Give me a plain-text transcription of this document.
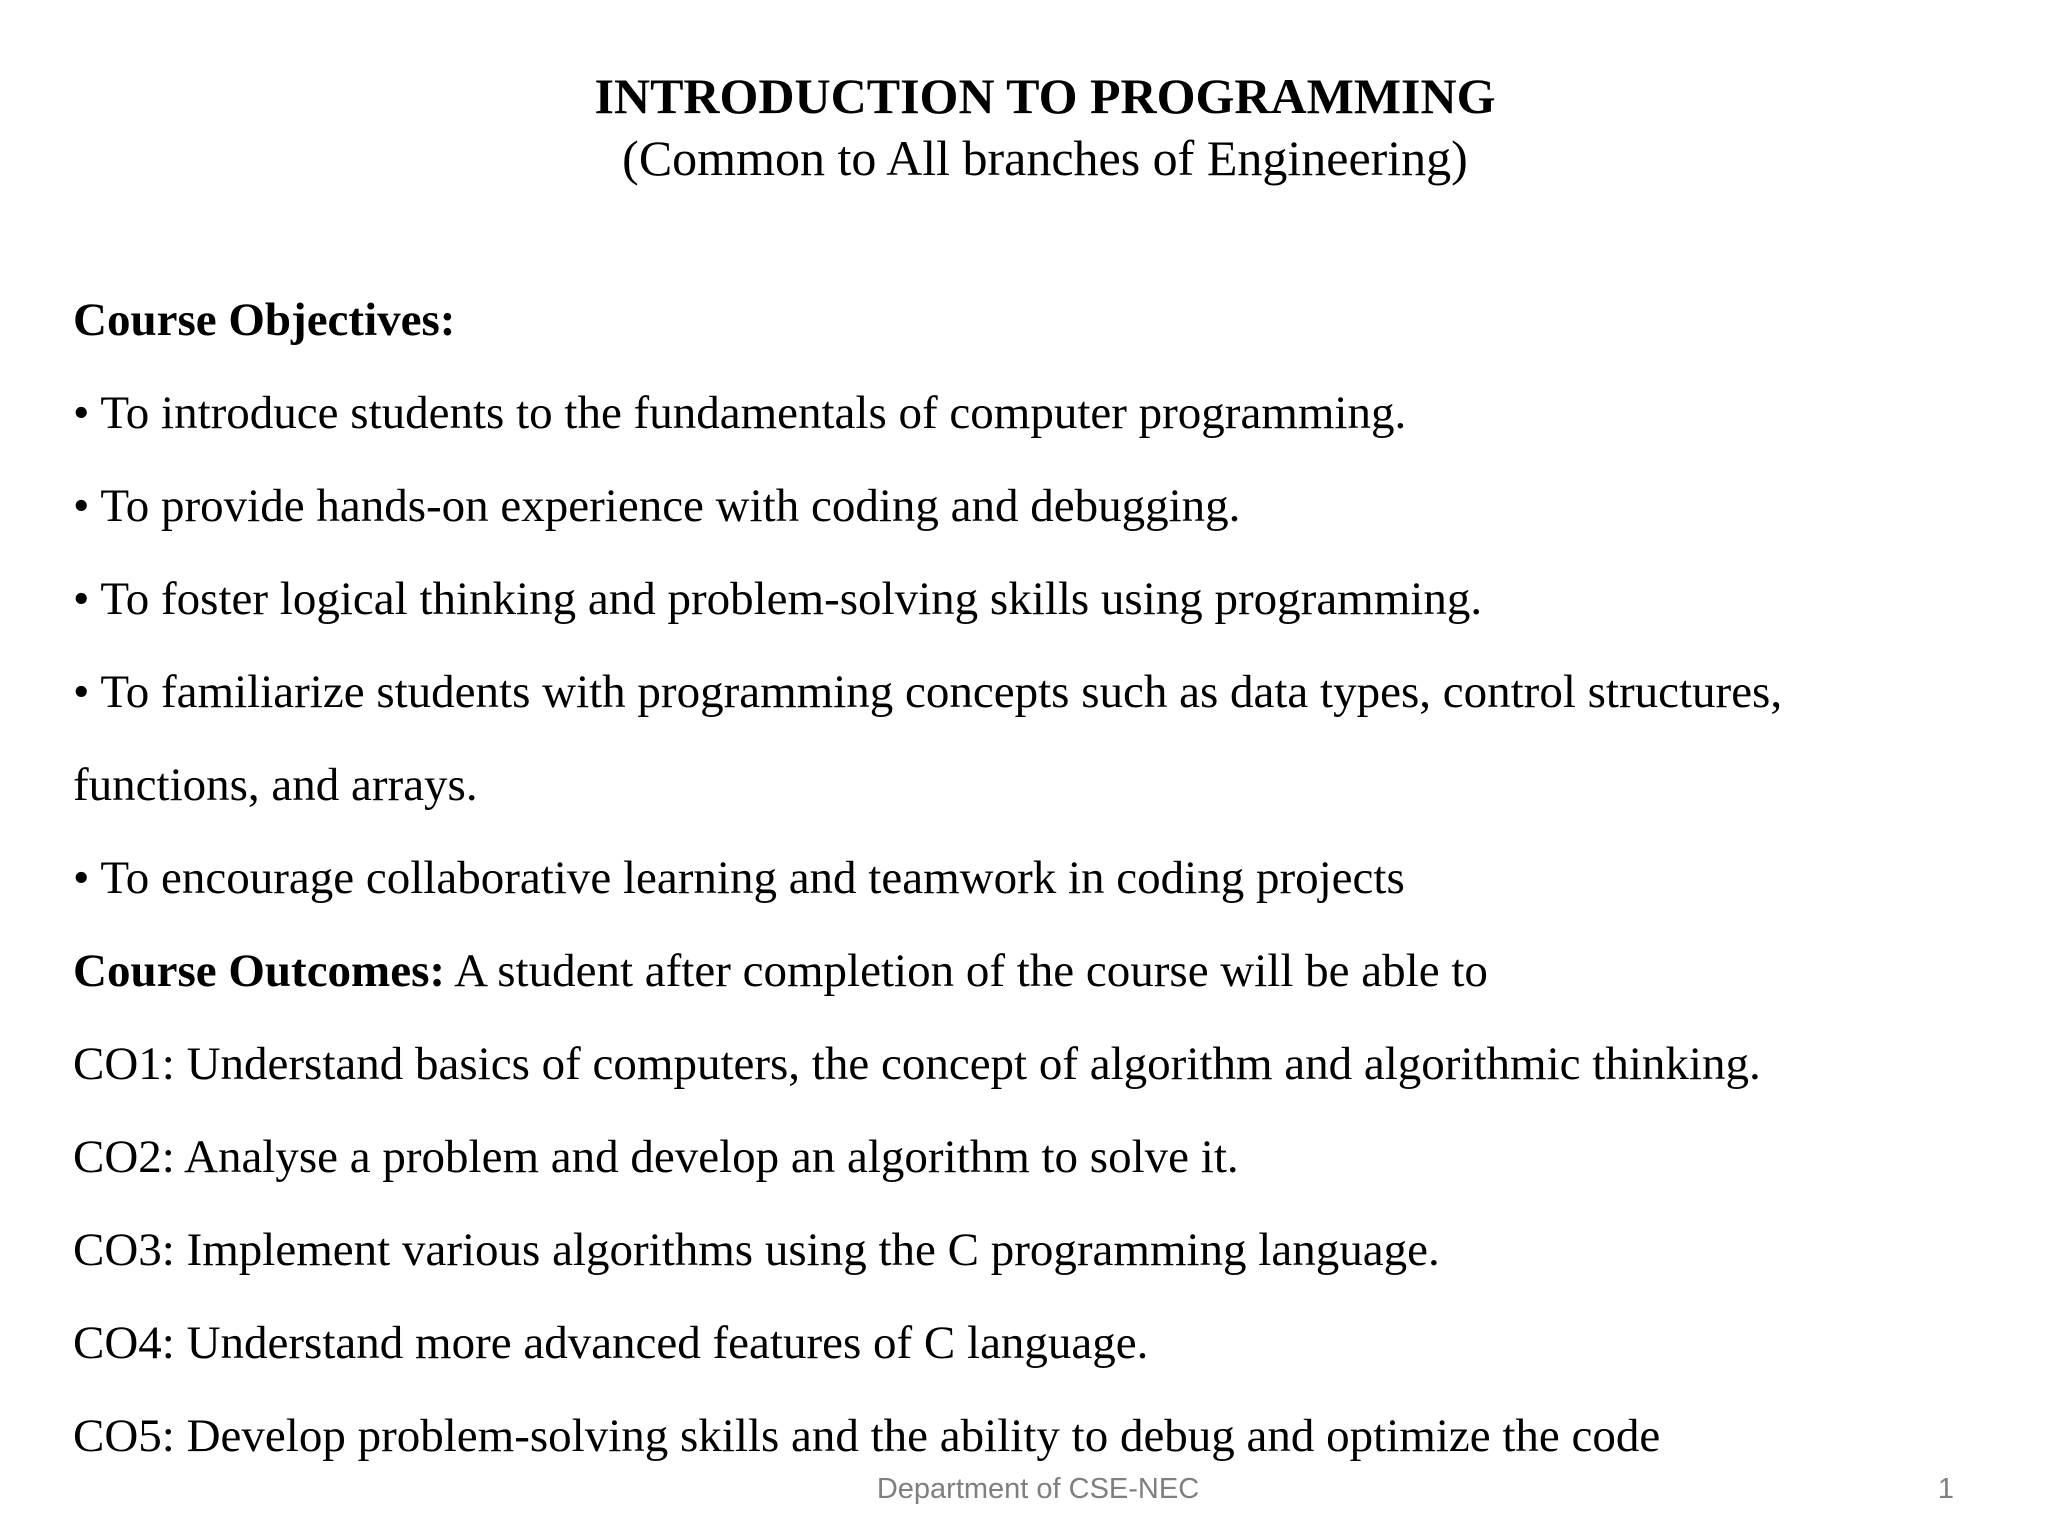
INTRODUCTION TO PROGRAMMING
(Common to All branches of Engineering)
Course Objectives:
• To introduce students to the fundamentals of computer programming.
• To provide hands-on experience with coding and debugging.
• To foster logical thinking and problem-solving skills using programming.
• To familiarize students with programming concepts such as data types, control structures,
functions, and arrays.
• To encourage collaborative learning and teamwork in coding projects
Course Outcomes: A student after completion of the course will be able to
CO1: Understand basics of computers, the concept of algorithm and algorithmic thinking.
CO2: Analyse a problem and develop an algorithm to solve it.
CO3: Implement various algorithms using the C programming language.
CO4: Understand more advanced features of C language.
CO5: Develop problem-solving skills and the ability to debug and optimize the code
Department of CSE-NEC	1
